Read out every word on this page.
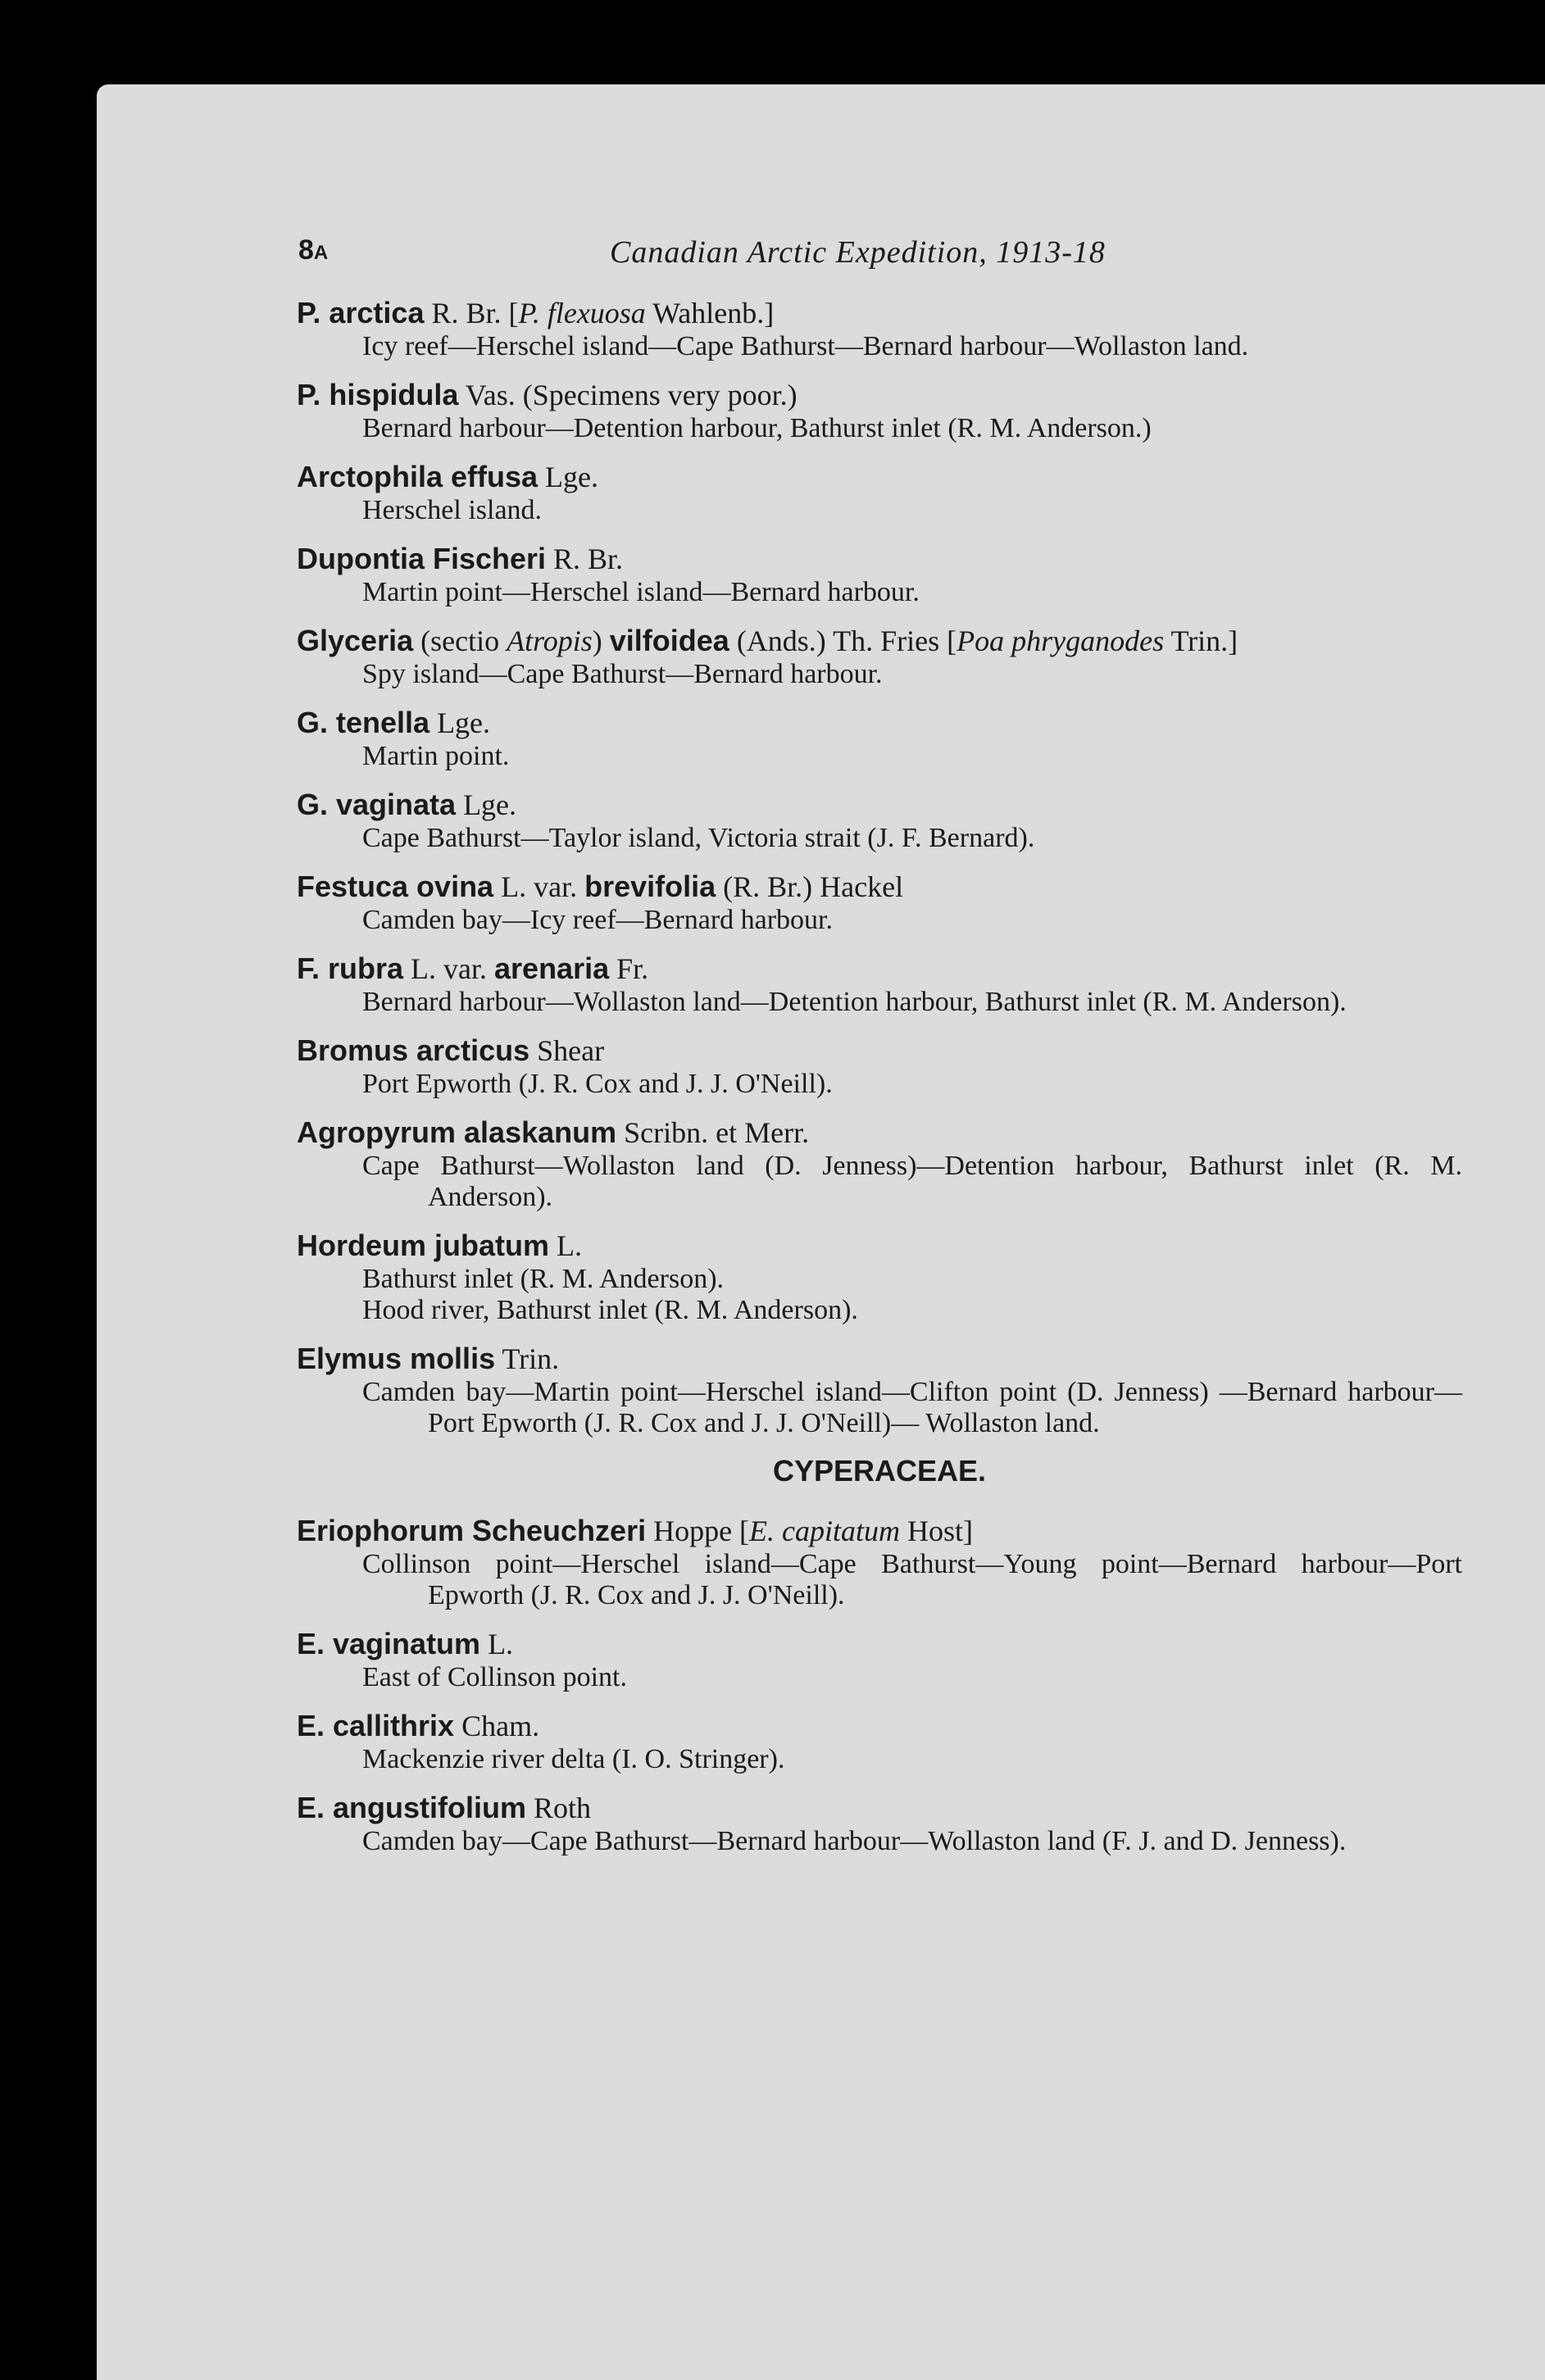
8A	Canadian Arctic Expedition, 1913-18
P. arctica R. Br. [P. flexuosa Wahlenb.]
Icy reef—Herschel island—Cape Bathurst—Bernard harbour—Wollaston land.
P. hispidula Vas. (Specimens very poor.)
Bernard harbour—Detention harbour, Bathurst inlet (R. M. Anderson.)
Arctophila effusa Lge.
Herschel island.
Dupontia Fischeri R. Br.
Martin point—Herschel island—Bernard harbour.
Glyceria (sectio Atropis) vilfoidea (Ands.) Th. Fries [Poa phryganodes Trin.]
Spy island—Cape Bathurst—Bernard harbour.
G. tenella Lge.
Martin point.
G. vaginata Lge.
Cape Bathurst—Taylor island, Victoria strait (J. F. Bernard).
Festuca ovina L. var. brevifolia (R. Br.) Hackel
Camden bay—Icy reef—Bernard harbour.
F. rubra L. var. arenaria Fr.
Bernard harbour—Wollaston land—Detention harbour, Bathurst inlet (R. M. Anderson).
Bromus arcticus Shear
Port Epworth (J. R. Cox and J. J. O'Neill).
Agropyrum alaskanum Scribn. et Merr.
Cape Bathurst—Wollaston land (D. Jenness)—Detention harbour, Bathurst inlet (R. M. Anderson).
Hordeum jubatum L.
Bathurst inlet (R. M. Anderson).
Hood river, Bathurst inlet (R. M. Anderson).
Elymus mollis Trin.
Camden bay—Martin point—Herschel island—Clifton point (D. Jenness) —Bernard harbour—Port Epworth (J. R. Cox and J. J. O'Neill)— Wollaston land.
CYPERACEAE.
Eriophorum Scheuchzeri Hoppe [E. capitatum Host]
Collinson point—Herschel island—Cape Bathurst—Young point—Bernard harbour—Port Epworth (J. R. Cox and J. J. O'Neill).
E. vaginatum L.
East of Collinson point.
E. callithrix Cham.
Mackenzie river delta (I. O. Stringer).
E. angustifolium Roth
Camden bay—Cape Bathurst—Bernard harbour—Wollaston land (F. J. and D. Jenness).
